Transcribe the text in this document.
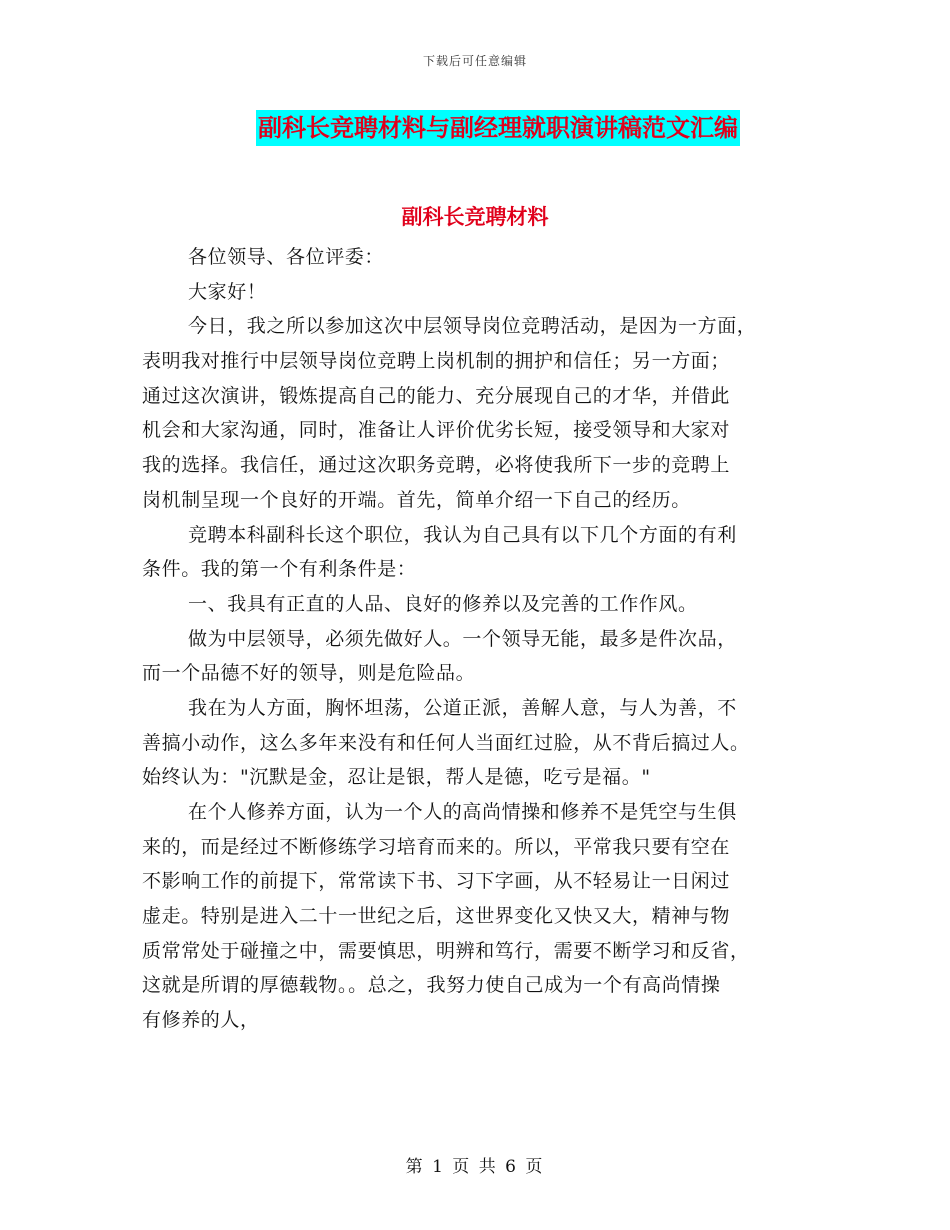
下载后可任意编辑
副科长竞聘材料与副经理就职演讲稿范文汇编
副科长竞聘材料
各位领导、各位评委：
大家好！
今日，我之所以参加这次中层领导岗位竞聘活动，是因为一方面，
表明我对推行中层领导岗位竞聘上岗机制的拥护和信任；另一方面；
通过这次演讲，锻炼提高自己的能力、充分展现自己的才华，并借此
机会和大家沟通，同时，准备让人评价优劣长短，接受领导和大家对
我的选择。我信任，通过这次职务竞聘，必将使我所下一步的竞聘上
岗机制呈现一个良好的开端。首先，简单介绍一下自己的经历。
竞聘本科副科长这个职位，我认为自己具有以下几个方面的有利
条件。我的第一个有利条件是：
一、我具有正直的人品、良好的修养以及完善的工作作风。
做为中层领导，必须先做好人。一个领导无能，最多是件次品，
而一个品德不好的领导，则是危险品。
我在为人方面，胸怀坦荡，公道正派，善解人意，与人为善，不
善搞小动作，这么多年来没有和任何人当面红过脸，从不背后搞过人。
始终认为："沉默是金，忍让是银，帮人是德，吃亏是福。"
在个人修养方面，认为一个人的高尚情操和修养不是凭空与生俱
来的，而是经过不断修练学习培育而来的。所以，平常我只要有空在
不影响工作的前提下，常常读下书、习下字画，从不轻易让一日闲过
虚走。特别是进入二十一世纪之后，这世界变化又快又大，精神与物
质常常处于碰撞之中，需要慎思，明辨和笃行，需要不断学习和反省，
这就是所谓的厚德载物。。总之，我努力使自己成为一个有高尚情操
有修养的人，
第 1 页 共 6 页
